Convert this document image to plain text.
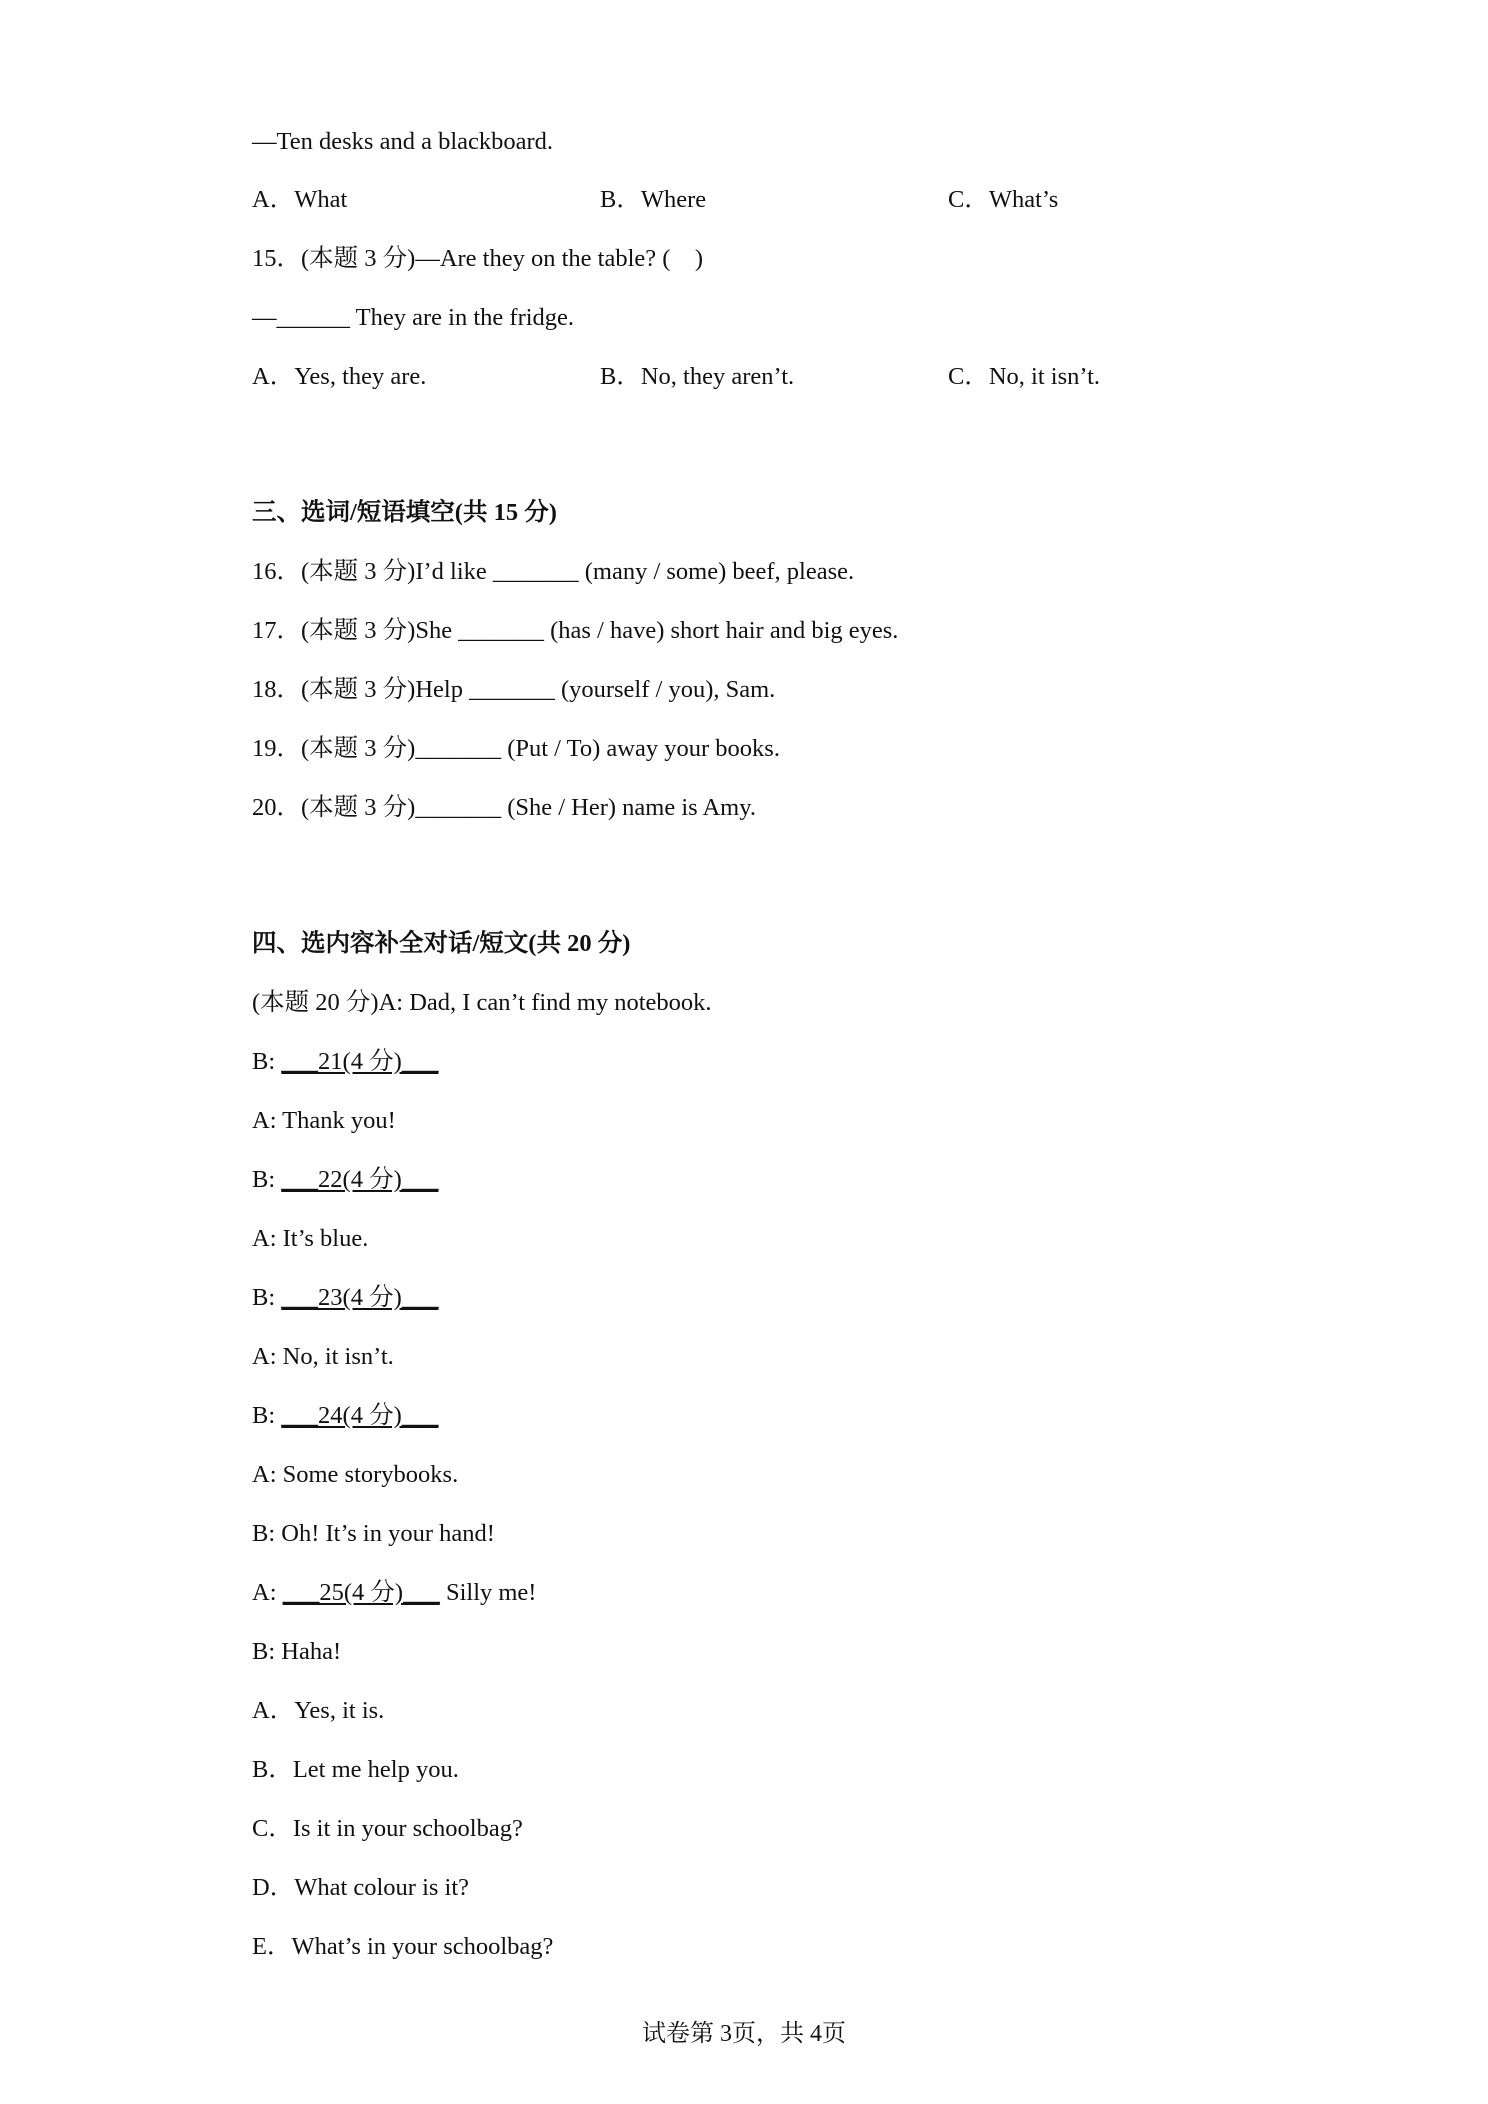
—Ten desks and a blackboard.
A．What	B．Where	C．What’s
15．(本题 3 分)—Are they on the table? (    )
—______ They are in the fridge.
A．Yes, they are.	B．No, they aren’t.	C．No, it isn’t.
三、选词/短语填空(共 15 分)
16．(本题 3 分)I’d like _______ (many / some) beef, please.
17．(本题 3 分)She _______ (has / have) short hair and big eyes.
18．(本题 3 分)Help _______ (yourself / you), Sam.
19．(本题 3 分)_______ (Put / To) away your books.
20．(本题 3 分)_______ (She / Her) name is Amy.
四、选内容补全对话/短文(共 20 分)
(本题 20 分)A: Dad, I can’t find my notebook.
B: ___21(4 分)___
A: Thank you!
B: ___22(4 分)___
A: It’s blue.
B: ___23(4 分)___
A: No, it isn’t.
B: ___24(4 分)___
A: Some storybooks.
B: Oh! It’s in your hand!
A: ___25(4 分)___ Silly me!
B: Haha!
A．Yes, it is.
B．Let me help you.
C．Is it in your schoolbag?
D．What colour is it?
E．What’s in your schoolbag?
试卷第 3页，共 4页
